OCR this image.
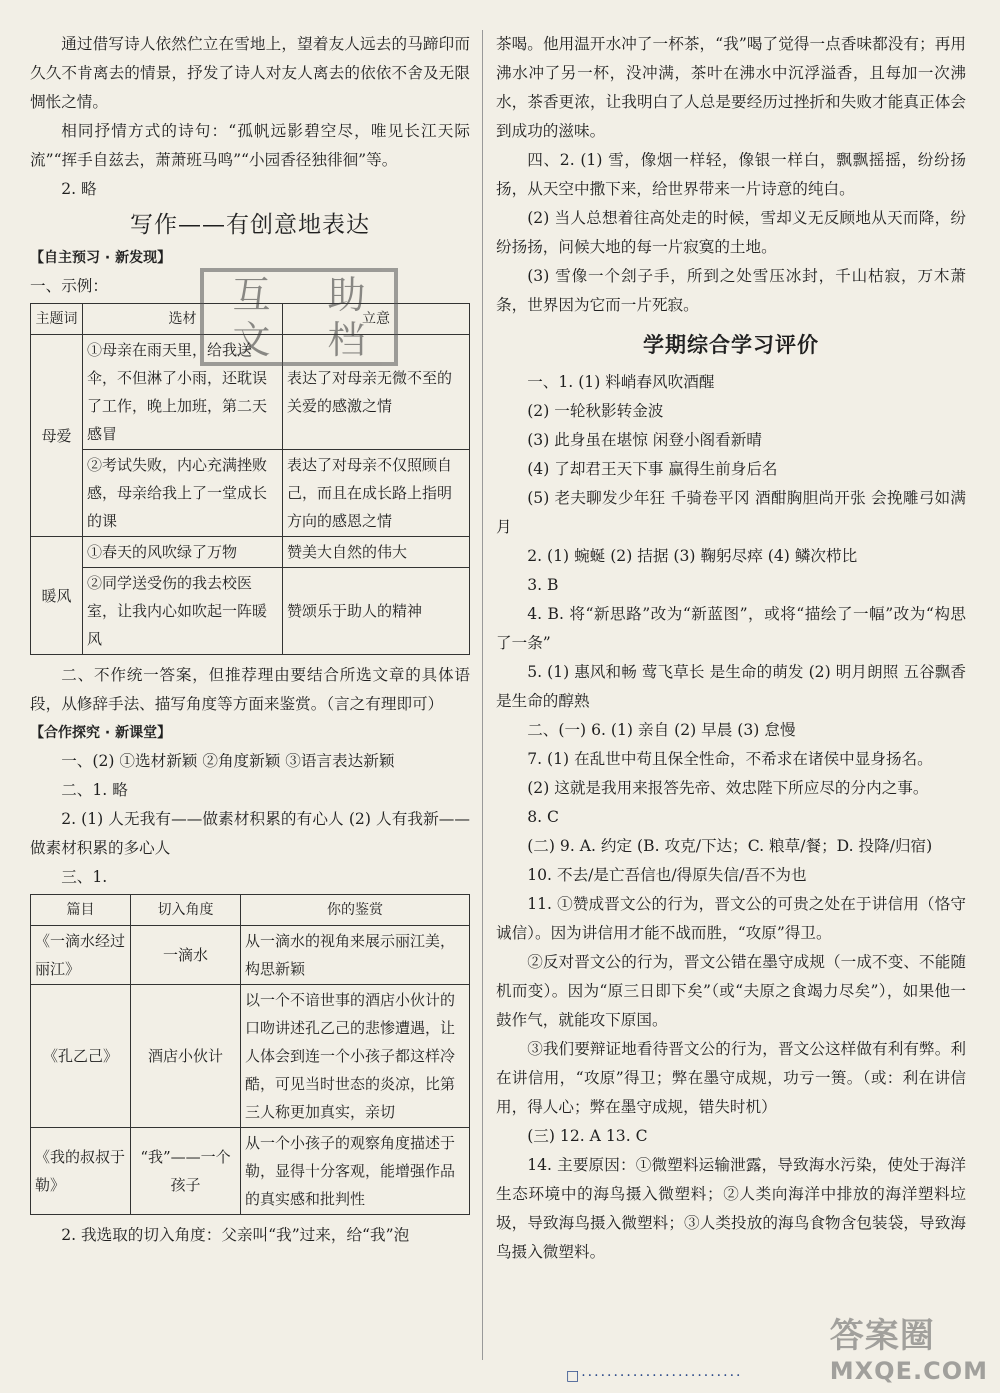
通过借写诗人依然伫立在雪地上，望着友人远去的马蹄印而久久不肯离去的情景，抒发了诗人对友人离去的依依不舍及无限惆怅之情。

相同抒情方式的诗句：“孤帆远影碧空尽，唯见长江天际流”“挥手自兹去，萧萧班马鸣”“小园香径独徘徊”等。

2. 略

写作——有创意地表达

【自主预习 · 新发现】

一、示例：

主题词	选材	立意
母爱	①母亲在雨天里，给我送伞，不但淋了小雨，还耽误了工作，晚上加班，第二天感冒	表达了对母亲无微不至的关爱的感激之情
	②考试失败，内心充满挫败感，母亲给我上了一堂成长的课	表达了对母亲不仅照顾自己，而且在成长路上指明方向的感恩之情
暖风	①春天的风吹绿了万物	赞美大自然的伟大
	②同学送受伤的我去校医室，让我内心如吹起一阵暖风	赞颂乐于助人的精神

二、不作统一答案，但推荐理由要结合所选文章的具体语段，从修辞手法、描写角度等方面来鉴赏。（言之有理即可）

【合作探究 · 新课堂】

一、(2) ①选材新颖 ②角度新颖 ③语言表达新颖

二、1. 略

2. (1) 人无我有——做素材积累的有心人 (2) 人有我新——做素材积累的多心人

三、1.

篇目	切入角度	你的鉴赏
《一滴水经过丽江》	一滴水	从一滴水的视角来展示丽江美，构思新颖
《孔乙己》	酒店小伙计	以一个不谙世事的酒店小伙计的口吻讲述孔乙己的悲惨遭遇，让人体会到连一个小孩子都这样冷酷，可见当时世态的炎凉，比第三人称更加真实，亲切
《我的叔叔于勒》	“我”——一个孩子	从一个小孩子的观察角度描述于勒，显得十分客观，能增强作品的真实感和批判性

2. 我选取的切入角度：父亲叫“我”过来，给“我”泡

茶喝。他用温开水冲了一杯茶，“我”喝了觉得一点香味都没有；再用沸水冲了另一杯，没冲满，茶叶在沸水中沉浮溢香，且每加一次沸水，茶香更浓，让我明白了人总是要经历过挫折和失败才能真正体会到成功的滋味。

四、2. (1) 雪，像烟一样轻，像银一样白，飘飘摇摇，纷纷扬扬，从天空中撒下来，给世界带来一片诗意的纯白。

(2) 当人总想着往高处走的时候，雪却义无反顾地从天而降，纷纷扬扬，问候大地的每一片寂寞的土地。

(3) 雪像一个刽子手，所到之处雪压冰封，千山枯寂，万木萧条，世界因为它而一片死寂。

学期综合学习评价

一、1. (1) 料峭春风吹酒醒

(2) 一轮秋影转金波

(3) 此身虽在堪惊 闲登小阁看新晴

(4) 了却君王天下事 赢得生前身后名

(5) 老夫聊发少年狂 千骑卷平冈 酒酣胸胆尚开张 会挽雕弓如满月

2. (1) 蜿蜒 (2) 拮据 (3) 鞠躬尽瘁 (4) 鳞次栉比

3. B

4. B. 将“新思路”改为“新蓝图”，或将“描绘了一幅”改为“构思了一条”

5. (1) 惠风和畅 莺飞草长 是生命的萌发 (2) 明月朗照 五谷飘香 是生命的醇熟

二、(一) 6. (1) 亲自 (2) 早晨 (3) 怠慢

7. (1) 在乱世中苟且保全性命，不希求在诸侯中显身扬名。

(2) 这就是我用来报答先帝、效忠陛下所应尽的分内之事。

8. C

(二) 9. A. 约定 (B. 攻克/下达；C. 粮草/餐；D. 投降/归宿)

10. 不去/是亡吾信也/得原失信/吾不为也

11. ①赞成晋文公的行为，晋文公的可贵之处在于讲信用（恪守诚信）。因为讲信用才能不战而胜，“攻原”得卫。

②反对晋文公的行为，晋文公错在墨守成规（一成不变、不能随机而变）。因为“原三日即下矣”（或“夫原之食竭力尽矣”），如果他一鼓作气，就能攻下原国。

③我们要辩证地看待晋文公的行为，晋文公这样做有利有弊。利在讲信用，“攻原”得卫；弊在墨守成规，功亏一篑。（或：利在讲信用，得人心；弊在墨守成规，错失时机）

(三) 12. A 13. C

14. 主要原因：①微塑料运输泄露，导致海水污染，使处于海洋生态环境中的海鸟摄入微塑料；②人类向海洋中排放的海洋塑料垃圾，导致海鸟摄入微塑料；③人类投放的海鸟食物含包装袋，导致海鸟摄入微塑料。

互	助
文	档
□·························
答案圈
MXQE.COM
